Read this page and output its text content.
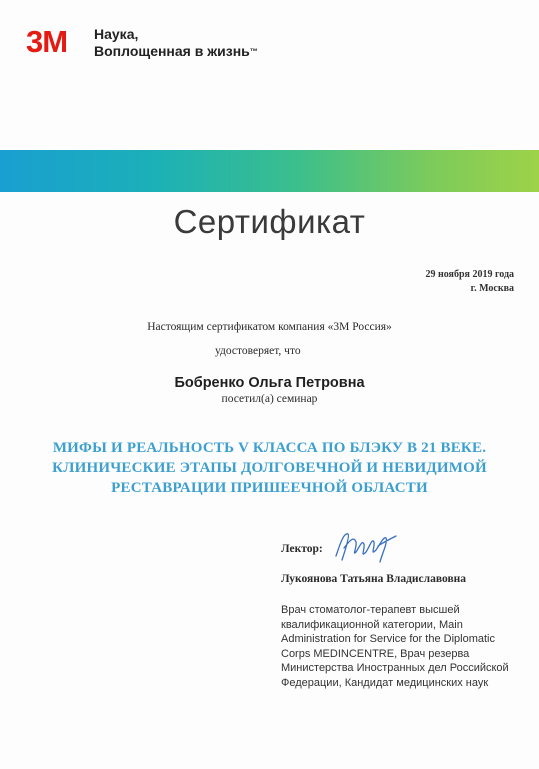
3M Наука,
Воплощенная в жизнь™
Сертификат
29 ноября 2019 года
г. Москва
Настоящим сертификатом компания «3М Россия»
удостоверяет, что
Бобренко Ольга Петровна
посетил(а) семинар
МИФЫ И РЕАЛЬНОСТЬ V КЛАССА ПО БЛЭКУ В 21 ВЕКЕ. КЛИНИЧЕСКИЕ ЭТАПЫ ДОЛГОВЕЧНОЙ И НЕВИДИМОЙ РЕСТАВРАЦИИ ПРИШЕЕЧНОЙ ОБЛАСТИ
Лектор:
Лукоянова Татьяна Владиславовна
Врач стоматолог-терапевт высшей квалификационной категории, Main Administration for Service for the Diplomatic Corps MEDINCENTRE, Врач резерва Министерства Иностранных дел Российской Федерации, Кандидат медицинских наук
